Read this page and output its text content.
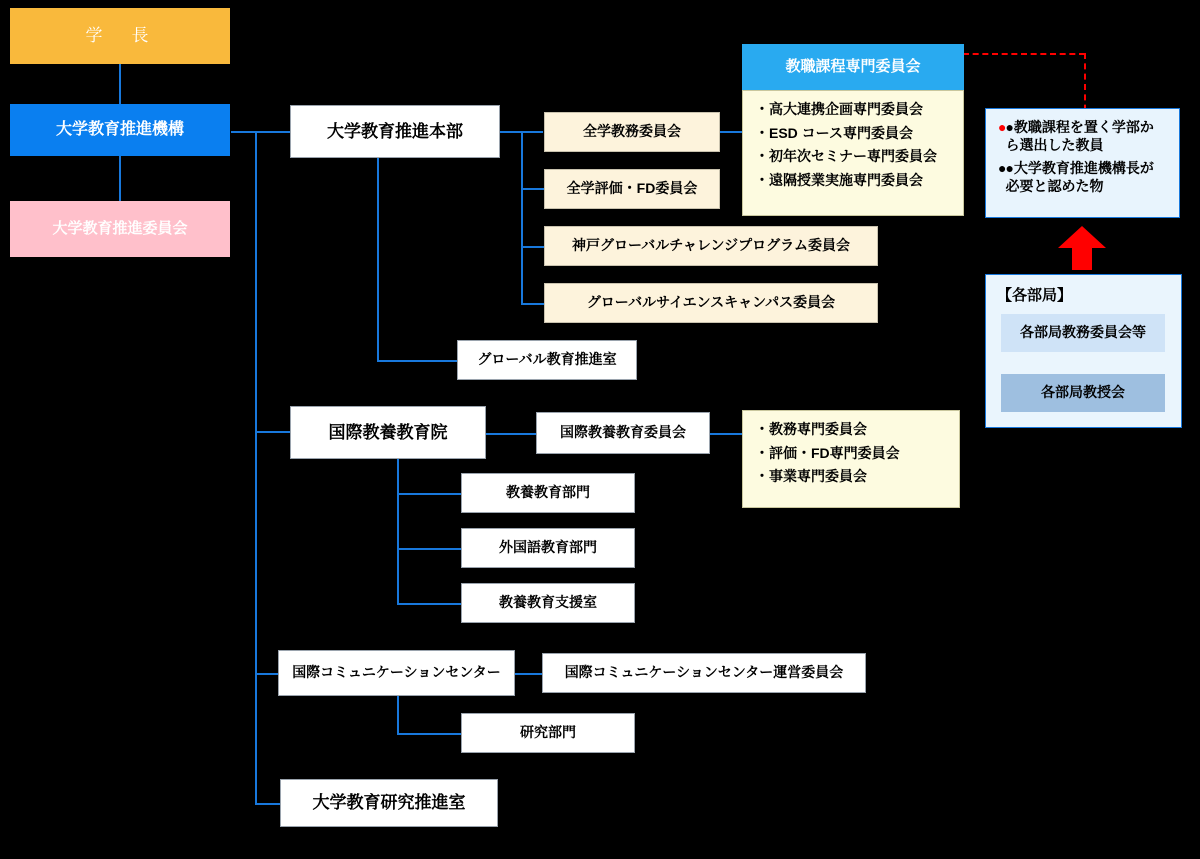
学　長
大学教育推進機構
大学教育推進委員会
大学教育推進本部	全学教務委員会
全学評価・FD委員会
神戸グローバルチャレンジプログラム委員会
グローバルサイエンスキャンパス委員会
グローバル教育推進室
教職課程専門委員会
・高大連携企画専門委員会
・ESD コース専門委員会
・初年次セミナー専門委員会
・遠隔授業実施専門委員会
● ●教職課程を置く学部から選出した教員
● ●大学教育推進機構長が必要と認めた物
【各部局】
各部局教務委員会等
各部局教授会
国際教養教育院	国際教養教育委員会	・教務専門委員会
・評価・FD専門委員会
・事業専門委員会
教養教育部門
外国語教育部門
教養教育支援室
国際コミュニケーションセンター	国際コミュニケーションセンター運営委員会
研究部門
大学教育研究推進室
